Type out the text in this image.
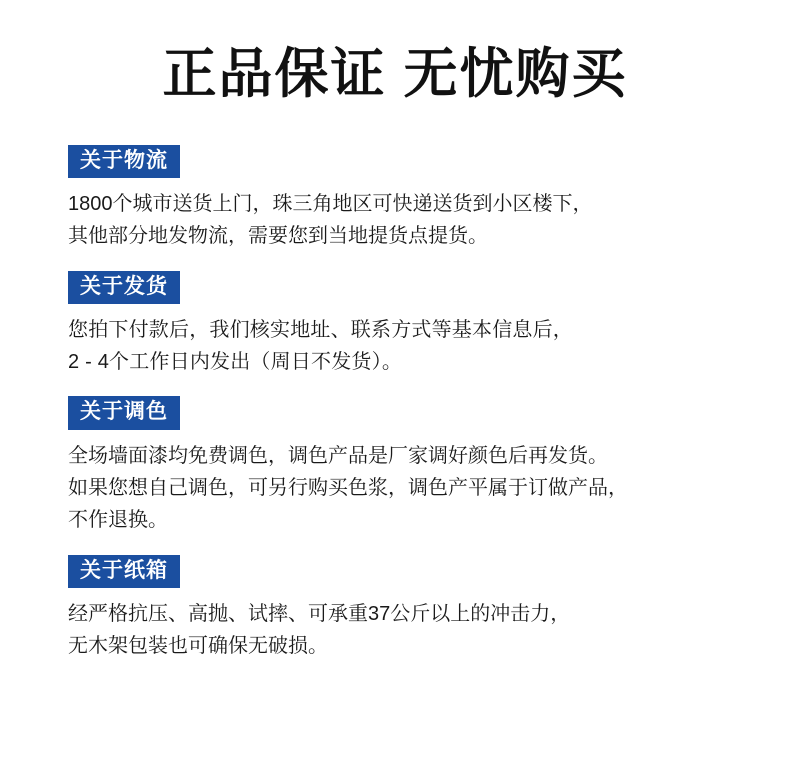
正品保证 无忧购买
关于物流
1800个城市送货上门，珠三角地区可快递送货到小区楼下，
其他部分地发物流，需要您到当地提货点提货。
关于发货
您拍下付款后，我们核实地址、联系方式等基本信息后，
2 - 4个工作日内发出（周日不发货）。
关于调色
全场墙面漆均免费调色，调色产品是厂家调好颜色后再发货。
如果您想自己调色，可另行购买色浆，调色产平属于订做产品，
不作退换。
关于纸箱
经严格抗压、高抛、试摔、可承重37公斤以上的冲击力，
无木架包装也可确保无破损。
